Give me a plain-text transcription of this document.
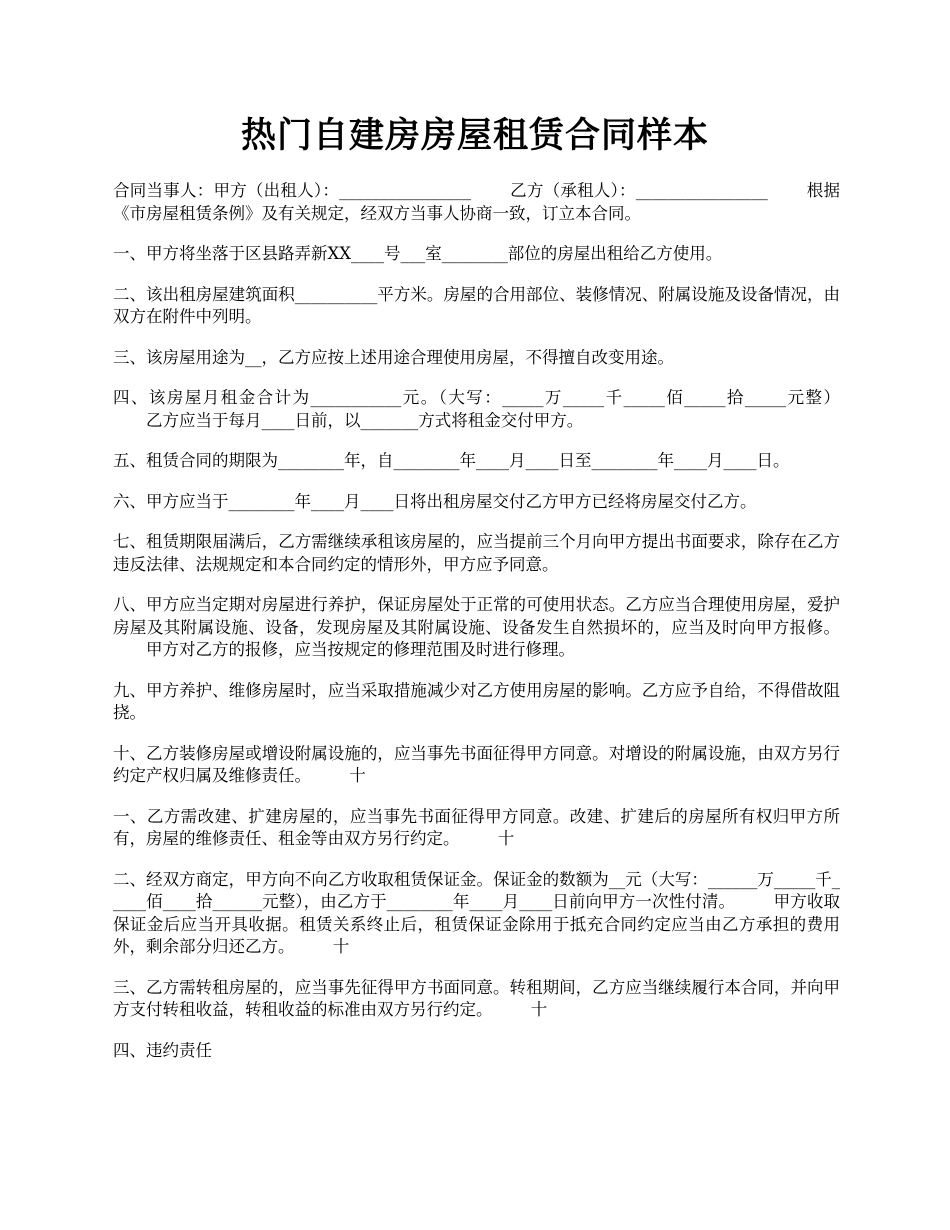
热门自建房房屋租赁合同样本

合同当事人：甲方（出租人）：________________ 　　乙方（承租人）：________________ 　　根据《市房屋租赁条例》及有关规定，经双方当事人协商一致，订立本合同。

一、甲方将坐落于区县路弄新XX____号___室________部位的房屋出租给乙方使用。

二、该出租房屋建筑面积__________平方米。房屋的合用部位、装修情况、附属设施及设备情况，由双方在附件中列明。

三、该房屋用途为__，乙方应按上述用途合理使用房屋，不得擅自改变用途。

四、该房屋月租金合计为___________元。（大写：_____万_____千_____佰_____拾_____元整） 　　乙方应当于每月____日前，以_______方式将租金交付甲方。

五、租赁合同的期限为________年，自________年____月____日至________年____月____日。

六、甲方应当于________年____月____日将出租房屋交付乙方甲方已经将房屋交付乙方。

七、租赁期限届满后，乙方需继续承租该房屋的，应当提前三个月向甲方提出书面要求，除存在乙方违反法律、法规规定和本合同约定的情形外，甲方应予同意。

八、甲方应当定期对房屋进行养护，保证房屋处于正常的可使用状态。乙方应当合理使用房屋，爱护房屋及其附属设施、设备，发现房屋及其附属设施、设备发生自然损坏的，应当及时向甲方报修。 　　甲方对乙方的报修，应当按规定的修理范围及时进行修理。

九、甲方养护、维修房屋时，应当采取措施减少对乙方使用房屋的影响。乙方应予自给，不得借故阻挠。

十、乙方装修房屋或增设附属设施的，应当事先书面征得甲方同意。对增设的附属设施，由双方另行约定产权归属及维修责任。 　　十

一、乙方需改建、扩建房屋的，应当事先书面征得甲方同意。改建、扩建后的房屋所有权归甲方所有，房屋的维修责任、租金等由双方另行约定。 　　十

二、经双方商定，甲方向不向乙方收取租赁保证金。保证金的数额为__元（大写：______万_____千_____佰____拾______元整），由乙方于________年____月____日前向甲方一次性付清。 　　甲方收取保证金后应当开具收据。租赁关系终止后，租赁保证金除用于抵充合同约定应当由乙方承担的费用外，剩余部分归还乙方。 　　十

三、乙方需转租房屋的，应当事先征得甲方书面同意。转租期间，乙方应当继续履行本合同，并向甲方支付转租收益，转租收益的标准由双方另行约定。 　　十

四、违约责任
